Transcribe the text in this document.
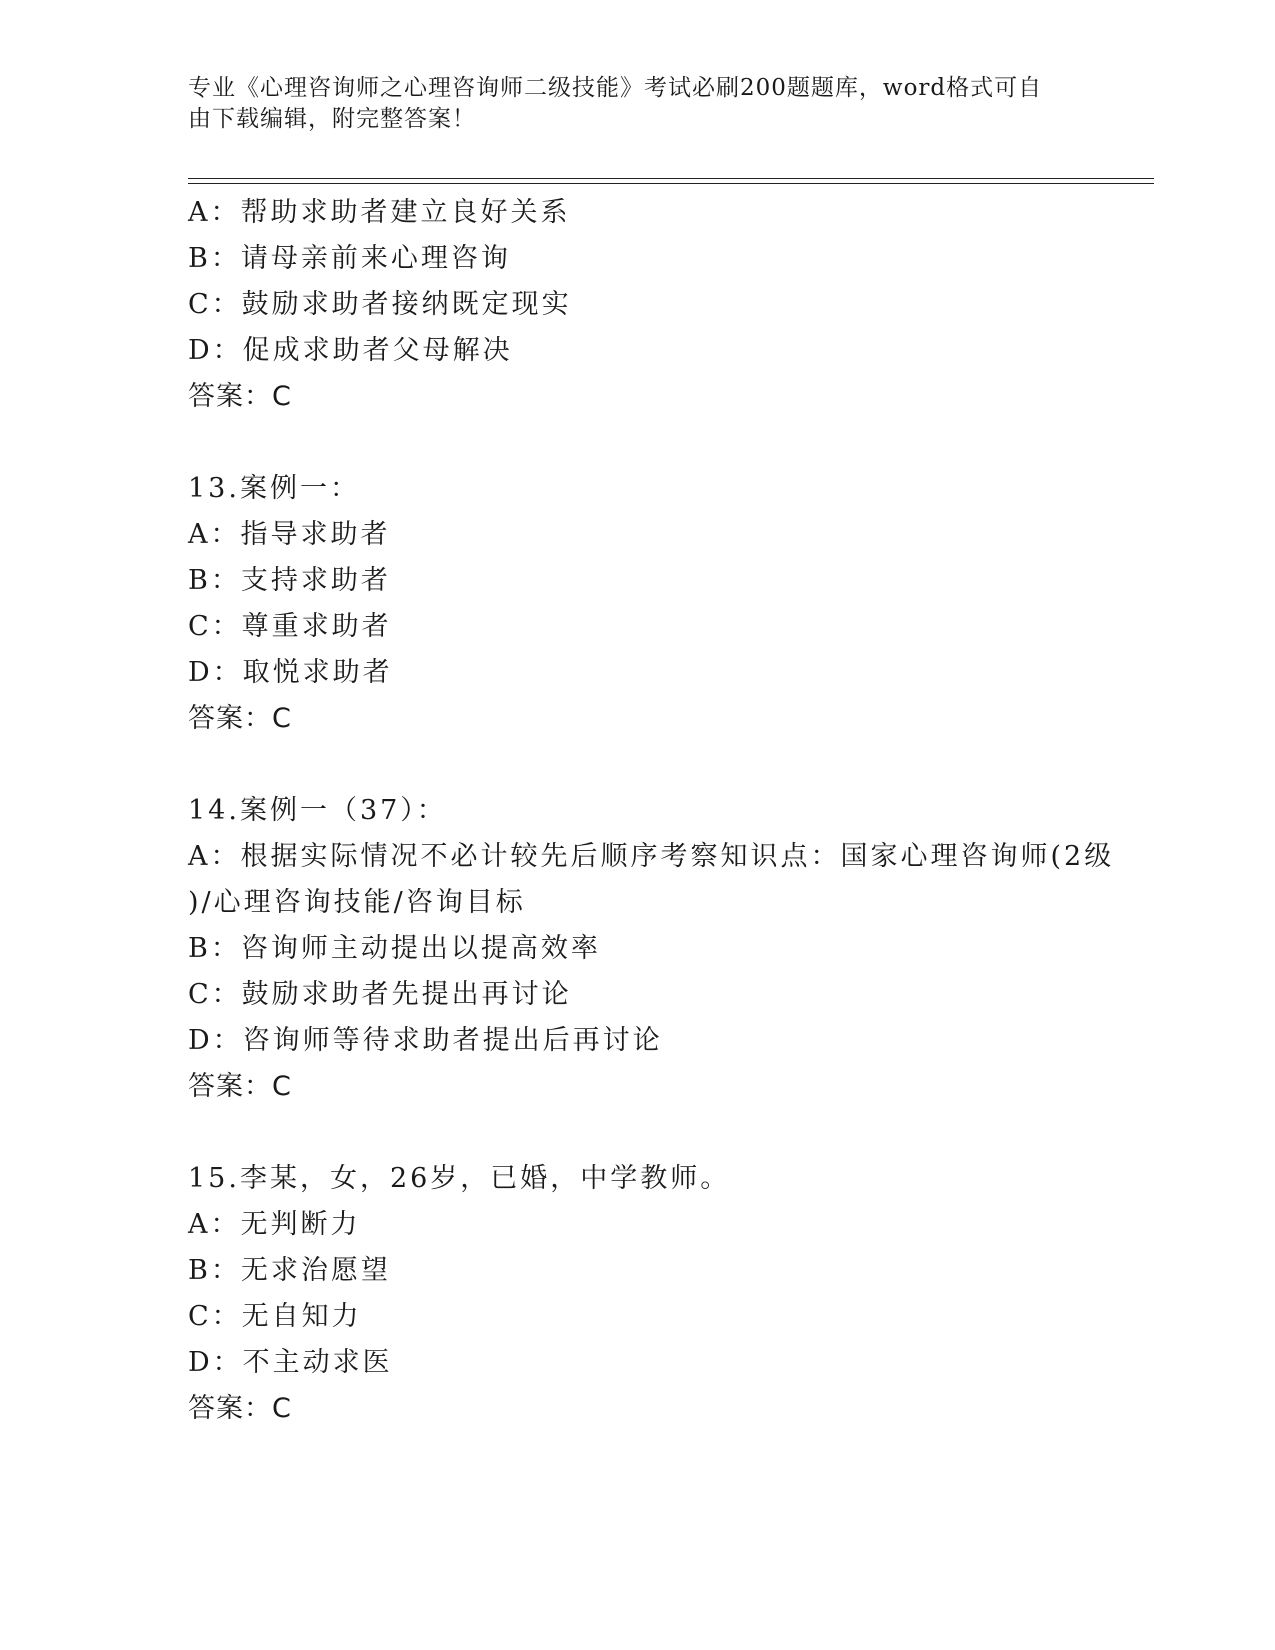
专业《心理咨询师之心理咨询师二级技能》考试必刷200题题库，word格式可自
由下载编辑，附完整答案！
A：帮助求助者建立良好关系
B：请母亲前来心理咨询
C：鼓励求助者接纳既定现实
D：促成求助者父母解决
答案：C
13.案例一：
A：指导求助者
B：支持求助者
C：尊重求助者
D：取悦求助者
答案：C
14.案例一（37）：
A：根据实际情况不必计较先后顺序考察知识点：国家心理咨询师(2级
)/心理咨询技能/咨询目标
B：咨询师主动提出以提高效率
C：鼓励求助者先提出再讨论
D：咨询师等待求助者提出后再讨论
答案：C
15.李某，女，26岁，已婚，中学教师。
A：无判断力
B：无求治愿望
C：无自知力
D：不主动求医
答案：C
